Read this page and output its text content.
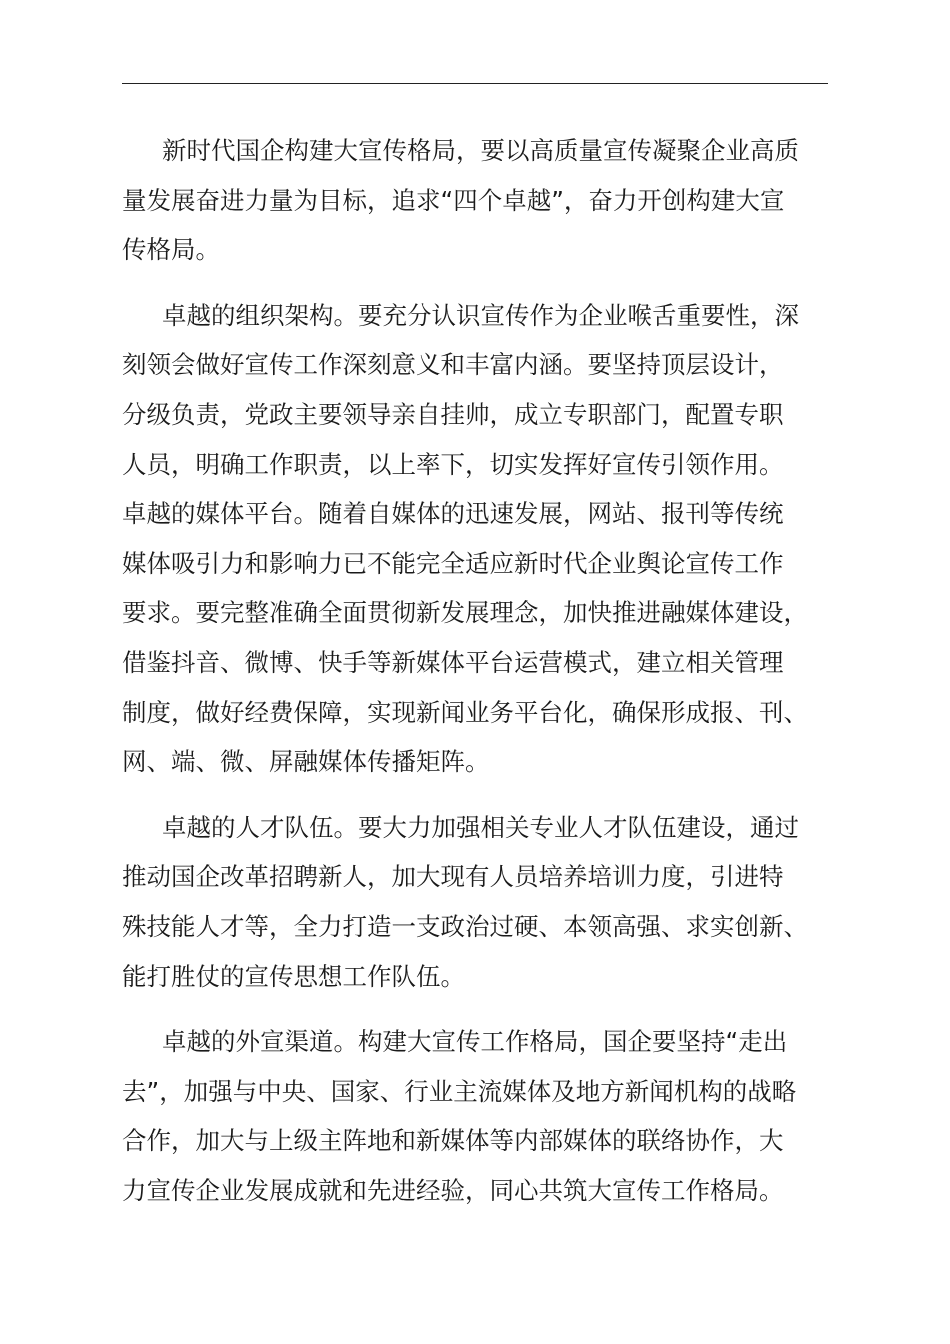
新时代国企构建大宣传格局，要以高质量宣传凝聚企业高质
量发展奋进力量为目标，追求“四个卓越”，奋力开创构建大宣
传格局。

卓越的组织架构。要充分认识宣传作为企业喉舌重要性，深
刻领会做好宣传工作深刻意义和丰富内涵。要坚持顶层设计，
分级负责，党政主要领导亲自挂帅，成立专职部门，配置专职
人员，明确工作职责，以上率下，切实发挥好宣传引领作用。
卓越的媒体平台。随着自媒体的迅速发展，网站、报刊等传统
媒体吸引力和影响力已不能完全适应新时代企业舆论宣传工作
要求。要完整准确全面贯彻新发展理念，加快推进融媒体建设，
借鉴抖音、微博、快手等新媒体平台运营模式，建立相关管理
制度，做好经费保障，实现新闻业务平台化，确保形成报、刊、
网、端、微、屏融媒体传播矩阵。

卓越的人才队伍。要大力加强相关专业人才队伍建设，通过
推动国企改革招聘新人，加大现有人员培养培训力度，引进特
殊技能人才等，全力打造一支政治过硬、本领高强、求实创新、
能打胜仗的宣传思想工作队伍。

卓越的外宣渠道。构建大宣传工作格局，国企要坚持“走出
去”，加强与中央、国家、行业主流媒体及地方新闻机构的战略
合作，加大与上级主阵地和新媒体等内部媒体的联络协作，大
力宣传企业发展成就和先进经验，同心共筑大宣传工作格局。
